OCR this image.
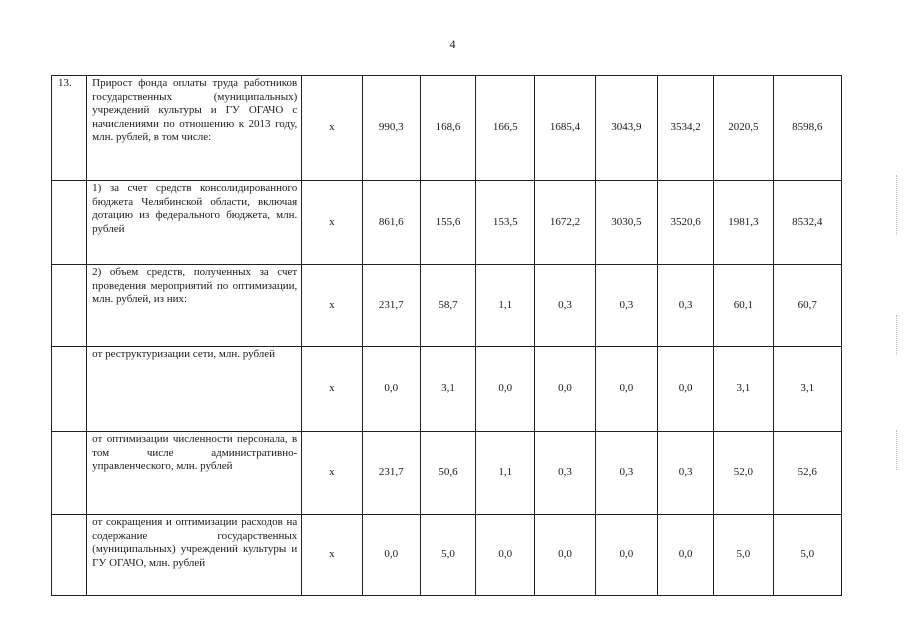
4
13.	Прирост фонда оплаты труда работников государственных (муниципальных) учреждений культуры и ГУ ОГАЧО с начислениями по отношению к 2013 году, млн. рублей, в том числе:	х	990,3	168,6	166,5	1685,4	3043,9	3534,2	2020,5	8598,6
	1) за счет средств консолидированного бюджета Челябинской области, включая дотацию из федерального бюджета, млн. рублей	х	861,6	155,6	153,5	1672,2	3030,5	3520,6	1981,3	8532,4
	2) объем средств, полученных за счет проведения мероприятий по оптимизации, млн. рублей, из них:	х	231,7	58,7	1,1	0,3	0,3	0,3	60,1	60,7
	от реструктуризации сети, млн. рублей	х	0,0	3,1	0,0	0,0	0,0	0,0	3,1	3,1
	от оптимизации численности персонала, в том числе административно-управленческого, млн. рублей	х	231,7	50,6	1,1	0,3	0,3	0,3	52,0	52,6
	от сокращения и оптимизации расходов на содержание государственных (муниципальных) учреждений культуры и ГУ ОГАЧО, млн. рублей	х	0,0	5,0	0,0	0,0	0,0	0,0	5,0	5,0
